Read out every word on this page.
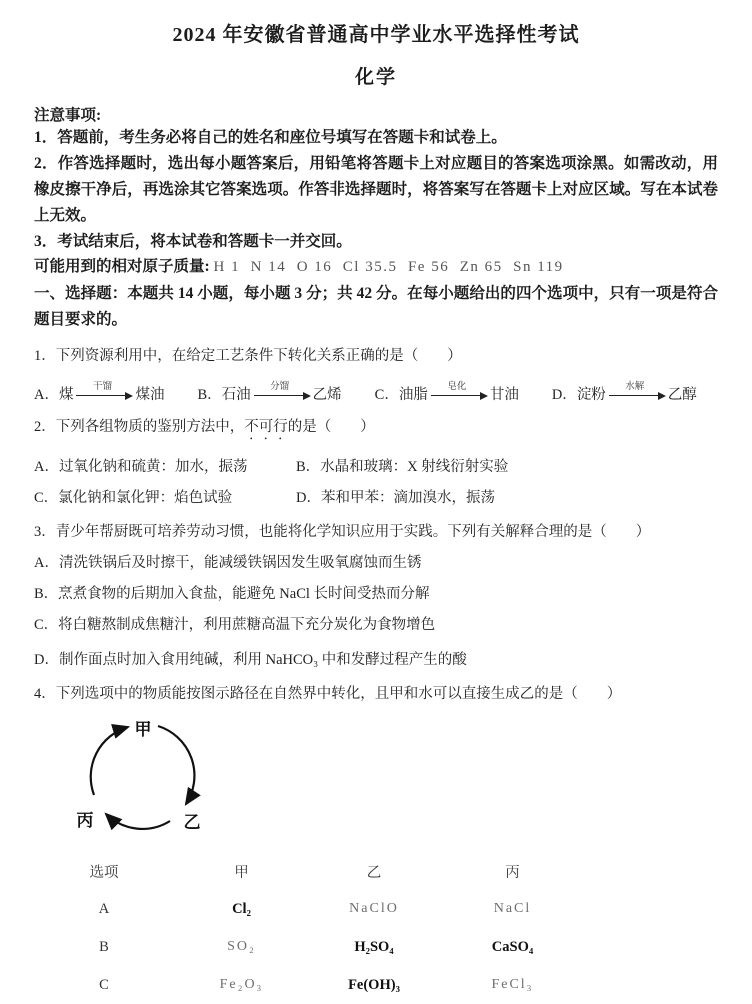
2024 年安徽省普通高中学业水平选择性考试
化学
注意事项:
1．答题前，考生务必将自己的姓名和座位号填写在答题卡和试卷上。
2．作答选择题时，选出每小题答案后，用铅笔将答题卡上对应题目的答案选项涂黑。如需改动，用橡皮擦干净后，再选涂其它答案选项。作答非选择题时，将答案写在答题卡上对应区域。写在本试卷上无效。
3．考试结束后，将本试卷和答题卡一并交回。
可能用到的相对原子质量: H 1  N 14  O 16  Cl 35.5  Fe 56  Zn 65  Sn 119
一、选择题：本题共 14 小题，每小题 3 分；共 42 分。在每小题给出的四个选项中，只有一项是符合题目要求的。
1．下列资源利用中，在给定工艺条件下转化关系正确的是（　　）
A． 煤	干馏	煤油 B． 石油	分馏	乙烯 C． 油脂	皂化	甘油 D． 淀粉	水解	乙醇
2．下列各组物质的鉴别方法中，不可行的是（　　）
A．过氧化钠和硫黄：加水，振荡	B．水晶和玻璃：X 射线衍射实验
C．氯化钠和氯化钾：焰色试验	D．苯和甲苯：滴加溴水，振荡
3．青少年帮厨既可培养劳动习惯，也能将化学知识应用于实践。下列有关解释合理的是（　　）
A．清洗铁锅后及时擦干，能减缓铁锅因发生吸氧腐蚀而生锈
B．烹煮食物的后期加入食盐，能避免 NaCl 长时间受热而分解
C．将白糖熬制成焦糖汁，利用蔗糖高温下充分炭化为食物增色
D．制作面点时加入食用纯碱，利用 NaHCO₃ 中和发酵过程产生的酸
4．下列选项中的物质能按图示路径在自然界中转化，且甲和水可以直接生成乙的是（　　）
甲
乙
丙
选项	甲	乙	丙
A	Cl₂	NaClO	NaCl
B	SO₂	H₂SO₄	CaSO₄
C	Fe₂O₃	Fe(OH)₃	FeCl₃
